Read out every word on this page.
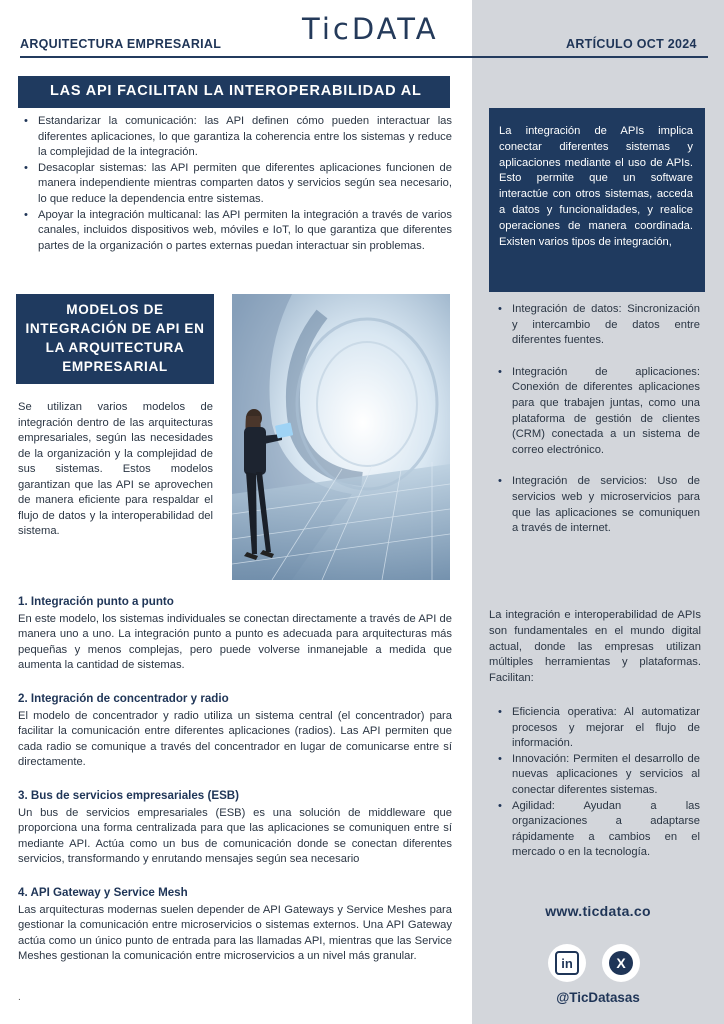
TicDATA
ARQUITECTURA EMPRESARIAL	ARTÍCULO OCT 2024
LAS API FACILITAN LA INTEROPERABILIDAD AL
• Estandarizar la comunicación: las API definen cómo pueden interactuar las diferentes aplicaciones, lo que garantiza la coherencia entre los sistemas y reduce la complejidad de la integración.
• Desacoplar sistemas: las API permiten que diferentes aplicaciones funcionen de manera independiente mientras comparten datos y servicios según sea necesario, lo que reduce la dependencia entre sistemas.
• Apoyar la integración multicanal: las API permiten la integración a través de varios canales, incluidos dispositivos web, móviles e IoT, lo que garantiza que diferentes partes de la organización o partes externas puedan interactuar sin problemas.
MODELOS DE INTEGRACIÓN DE API EN LA ARQUITECTURA EMPRESARIAL
Se utilizan varios modelos de integración dentro de las arquitecturas empresariales, según las necesidades de la organización y la complejidad de sus sistemas. Estos modelos garantizan que las API se aprovechen de manera eficiente para respaldar el flujo de datos y la interoperabilidad del sistema.
1. Integración punto a punto

En este modelo, los sistemas individuales se conectan directamente a través de API de manera uno a uno. La integración punto a punto es adecuada para arquitecturas más pequeñas y menos complejas, pero puede volverse inmanejable a medida que aumenta la cantidad de sistemas.

2. Integración de concentrador y radio

El modelo de concentrador y radio utiliza un sistema central (el concentrador) para facilitar la comunicación entre diferentes aplicaciones (radios). Las API permiten que cada radio se comunique a través del concentrador en lugar de comunicarse entre sí directamente.

3. Bus de servicios empresariales (ESB)

Un bus de servicios empresariales (ESB) es una solución de middleware que proporciona una forma centralizada para que las aplicaciones se comuniquen entre sí mediante API. Actúa como un bus de comunicación donde se conectan diferentes servicios, transformando y enrutando mensajes según sea necesario

4. API Gateway y Service Mesh

Las arquitecturas modernas suelen depender de API Gateways y Service Meshes para gestionar la comunicación entre microservicios o sistemas externos. Una API Gateway actúa como un único punto de entrada para las llamadas API, mientras que las Service Meshes gestionan la comunicación entre microservicios a un nivel más granular.

.
La integración de APIs implica conectar diferentes sistemas y aplicaciones mediante el uso de APIs. Esto permite que un software interactúe con otros sistemas, acceda a datos y funcionalidades, y realice operaciones de manera coordinada. Existen varios tipos de integración,
• Integración de datos: Sincronización y intercambio de datos entre diferentes fuentes.
• Integración de aplicaciones: Conexión de diferentes aplicaciones para que trabajen juntas, como una plataforma de gestión de clientes (CRM) conectada a un sistema de correo electrónico.
• Integración de servicios: Uso de servicios web y microservicios para que las aplicaciones se comuniquen a través de internet.
La integración e interoperabilidad de APIs son fundamentales en el mundo digital actual, donde las empresas utilizan múltiples herramientas y plataformas. Facilitan:
• Eficiencia operativa: Al automatizar procesos y mejorar el flujo de información.
• Innovación: Permiten el desarrollo de nuevas aplicaciones y servicios al conectar diferentes sistemas.
• Agilidad: Ayudan a las organizaciones a adaptarse rápidamente a cambios en el mercado o en la tecnología.
www.ticdata.co
in	X
@TicDatasas
